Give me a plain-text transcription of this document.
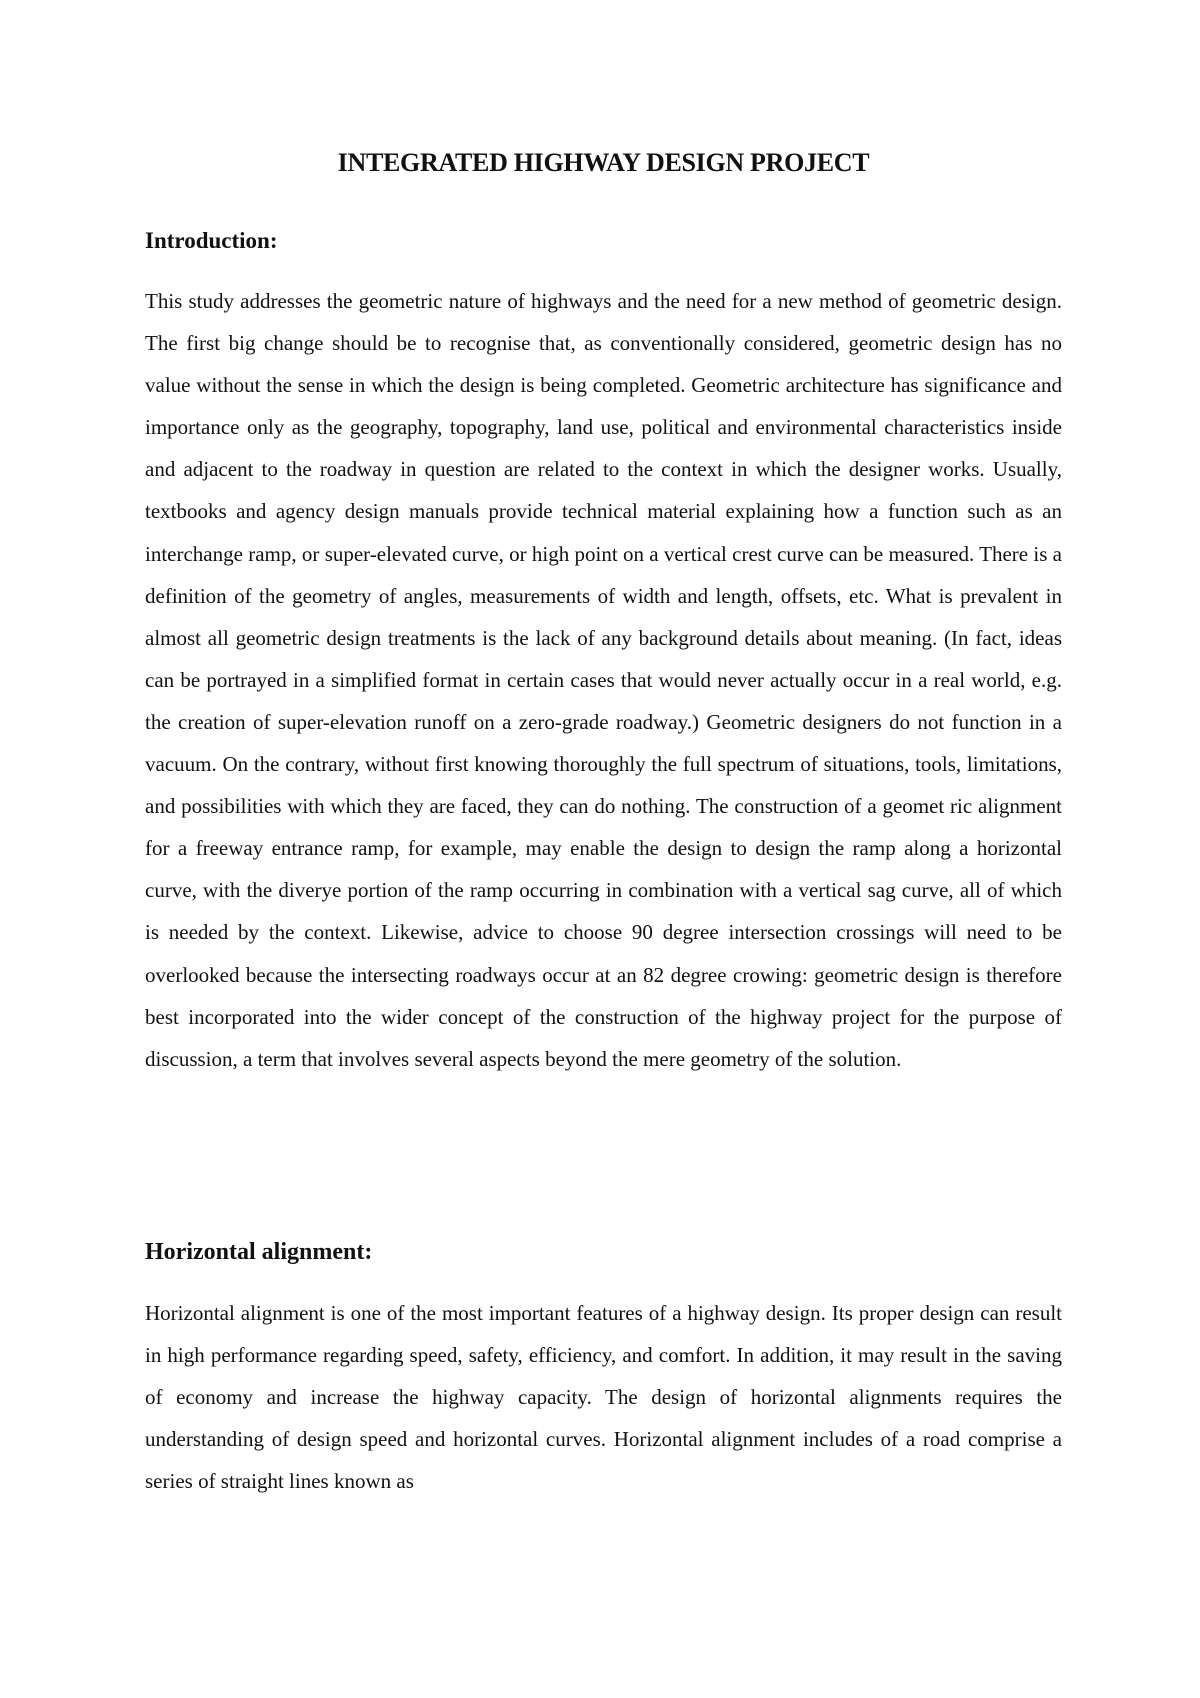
INTEGRATED HIGHWAY DESIGN PROJECT
Introduction:

This study addresses the geometric nature of highways and the need for a new method of geometric design. The first big change should be to recognise that, as conventionally considered, geometric design has no value without the sense in which the design is being completed. Geometric architecture has significance and importance only as the geography, topography, land use, political and environmental characteristics inside and adjacent to the roadway in question are related to the context in which the designer works. Usually, textbooks and agency design manuals provide technical material explaining how a function such as an interchange ramp, or super-elevated curve, or high point on a vertical crest curve can be measured. There is a definition of the geometry of angles, measurements of width and length, offsets, etc. What is prevalent in almost all geometric design treatments is the lack of any background details about meaning. (In fact, ideas can be portrayed in a simplified format in certain cases that would never actually occur in a real world, e.g. the creation of super-elevation runoff on a zero-grade roadway.) Geometric designers do not function in a vacuum. On the contrary, without first knowing thoroughly the full spectrum of situations, tools, limitations, and possibilities with which they are faced, they can do nothing. The construction of a geomet ric alignment for a freeway entrance ramp, for example, may enable the design to design the ramp along a horizontal curve, with the diverye portion of the ramp occurring in combination with a vertical sag curve, all of which is needed by the context. Likewise, advice to choose 90 degree intersection crossings will need to be overlooked because the intersecting roadways occur at an 82 degree crowing: geometric design is therefore best incorporated into the wider concept of the construction of the highway project for the purpose of discussion, a term that involves several aspects beyond the mere geometry of the solution.

Horizontal alignment:

Horizontal alignment is one of the most important features of a highway design. Its proper design can result in high performance regarding speed, safety, efficiency, and comfort. In addition, it may result in the saving of economy and increase the highway capacity. The design of horizontal alignments requires the understanding of design speed and horizontal curves. Horizontal alignment includes of a road comprise a series of straight lines known as
